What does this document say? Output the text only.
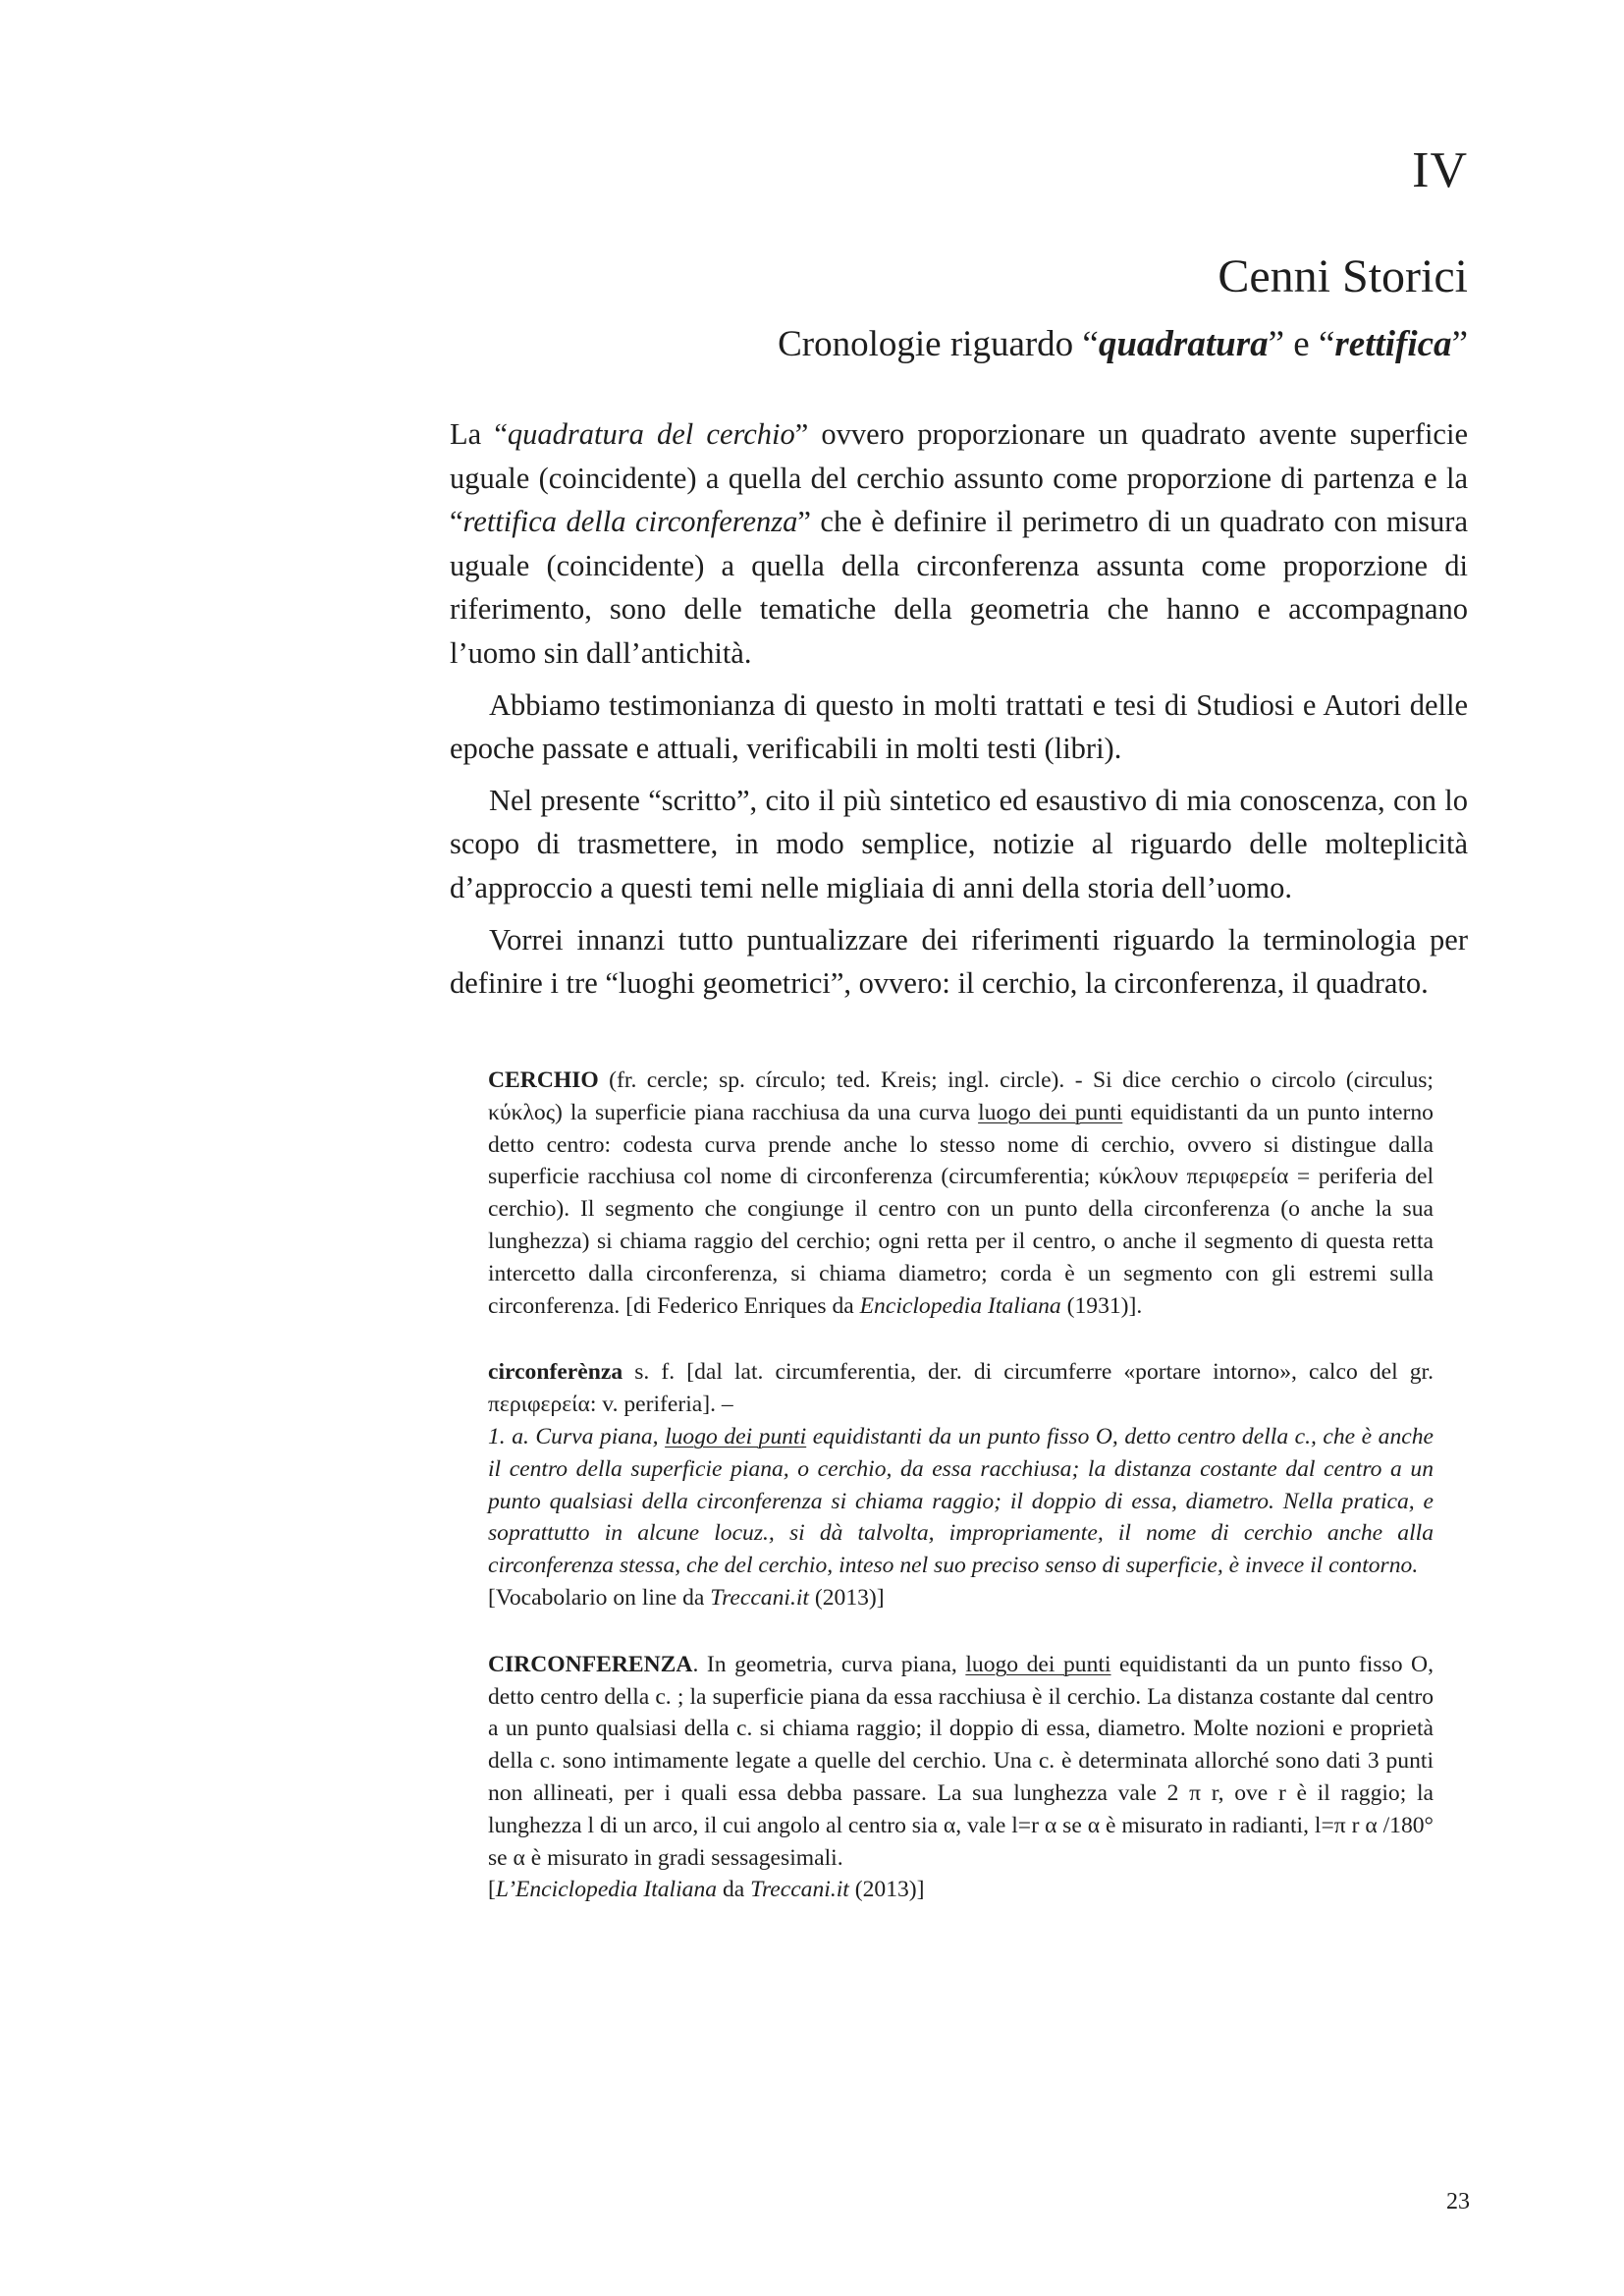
IV
Cenni Storici
Cronologie riguardo “quadratura” e “rettifica”

La “quadratura del cerchio” ovvero proporzionare un quadrato avente superficie uguale (coincidente) a quella del cerchio assunto come proporzione di partenza e la “rettifica della circonferenza” che è definire il perimetro di un quadrato con misura uguale (coincidente) a quella della circonferenza assunta come proporzione di riferimento, sono delle tematiche della geometria che hanno e accompagnano l’uomo sin dall’antichità.

Abbiamo testimonianza di questo in molti trattati e tesi di Studiosi e Autori delle epoche passate e attuali, verificabili in molti testi (libri).

Nel presente “scritto”, cito il più sintetico ed esaustivo di mia conoscenza, con lo scopo di trasmettere, in modo semplice, notizie al riguardo delle molteplicità d’approccio a questi temi nelle migliaia di anni della storia dell’uomo.

Vorrei innanzi tutto puntualizzare dei riferimenti riguardo la terminologia per definire i tre “luoghi geometrici”, ovvero: il cerchio, la circonferenza, il quadrato.

CERCHIO (fr. cercle; sp. círculo; ted. Kreis; ingl. circle). - Si dice cerchio o circolo (circulus; κύκλος) la superficie piana racchiusa da una curva luogo dei punti equidistanti da un punto interno detto centro: codesta curva prende anche lo stesso nome di cerchio, ovvero si distingue dalla superficie racchiusa col nome di circonferenza (circumferentia; κύκλουν περιφερεία = periferia del cerchio). Il segmento che congiunge il centro con un punto della circonferenza (o anche la sua lunghezza) si chiama raggio del cerchio; ogni retta per il centro, o anche il segmento di questa retta intercetto dalla circonferenza, si chiama diametro; corda è un segmento con gli estremi sulla circonferenza. [di Federico Enriques da Enciclopedia Italiana (1931)].

circonferènza s. f. [dal lat. circumferentia, der. di circumferre «portare intorno», calco del gr. περιφερεία: v. periferia]. –
1. a. Curva piana, luogo dei punti equidistanti da un punto fisso O, detto centro della c., che è anche il centro della superficie piana, o cerchio, da essa racchiusa; la distanza costante dal centro a un punto qualsiasi della circonferenza si chiama raggio; il doppio di essa, diametro. Nella pratica, e soprattutto in alcune locuz., si dà talvolta, impropriamente, il nome di cerchio anche alla circonferenza stessa, che del cerchio, inteso nel suo preciso senso di superficie, è invece il contorno.
[Vocabolario on line da Treccani.it (2013)]

CIRCONFERENZA. In geometria, curva piana, luogo dei punti equidistanti da un punto fisso O, detto centro della c. ; la superficie piana da essa racchiusa è il cerchio. La distanza costante dal centro a un punto qualsiasi della c. si chiama raggio; il doppio di essa, diametro. Molte nozioni e proprietà della c. sono intimamente legate a quelle del cerchio. Una c. è determinata allorché sono dati 3 punti non allineati, per i quali essa debba passare. La sua lunghezza vale 2 π r, ove r è il raggio; la lunghezza l di un arco, il cui angolo al centro sia α, vale l=r α se α è misurato in radianti, l=π r α /180° se α è misurato in gradi sessagesimali.
[L’Enciclopedia Italiana da Treccani.it (2013)]

23
